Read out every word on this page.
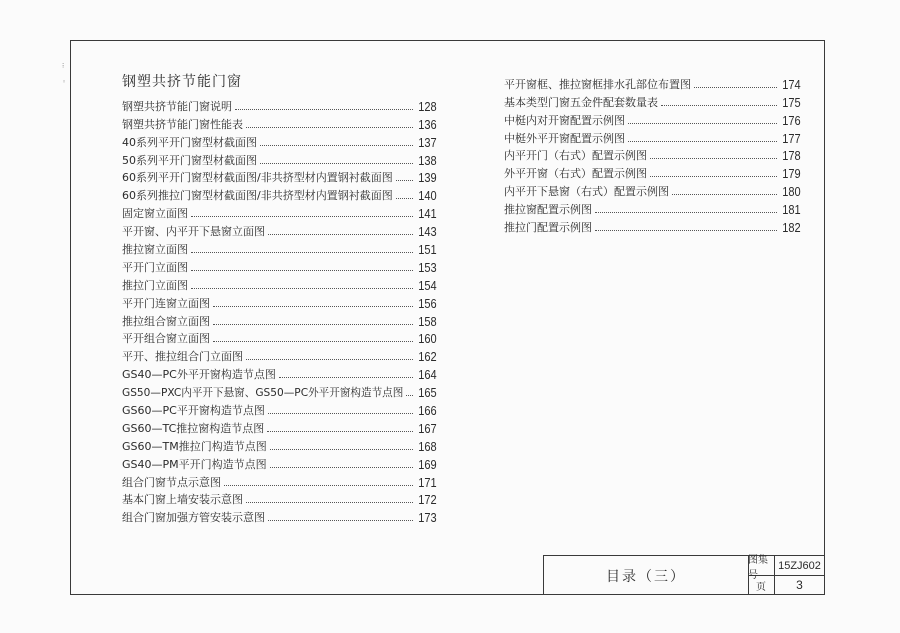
⁝
◦	钢塑共挤节能门窗
钢塑共挤节能门窗说明	128
钢塑共挤节能门窗性能表	136
40系列平开门窗型材截面图	137
50系列平开门窗型材截面图	138
60系列平开门窗型材截面图/非共挤型材内置钢衬截面图 139
60系列推拉门窗型材截面图/非共挤型材内置钢衬截面图 140
固定窗立面图	141
平开窗、内平开下悬窗立面图	143
推拉窗立面图	151
平开门立面图	153
推拉门立面图	154
平开门连窗立面图	156
推拉组合窗立面图	158
平开组合窗立面图	160
平开、推拉组合门立面图	162
GS40—PC外平开窗构造节点图	164
GS50—PXC内平开下悬窗、GS50—PC外平开窗构造节点图 165
GS60—PC平开窗构造节点图	166
GS60—TC推拉窗构造节点图	167
GS60—TM推拉门构造节点图	168
GS40—PM平开门构造节点图	169
组合门窗节点示意图	171
基本门窗上墙安装示意图	172
组合门窗加强方管安装示意图	173
平开窗框、推拉窗框排水孔部位布置图	174
基本类型门窗五金件配套数量表	175
中梃内对开窗配置示例图	176
中梃外平开窗配置示例图	177
内平开门（右式）配置示例图	178
外平开窗（右式）配置示例图	179
内平开下悬窗（右式）配置示例图	180
推拉窗配置示例图	181
推拉门配置示例图	182
目录（三）
图集号
15ZJ602
页	3
